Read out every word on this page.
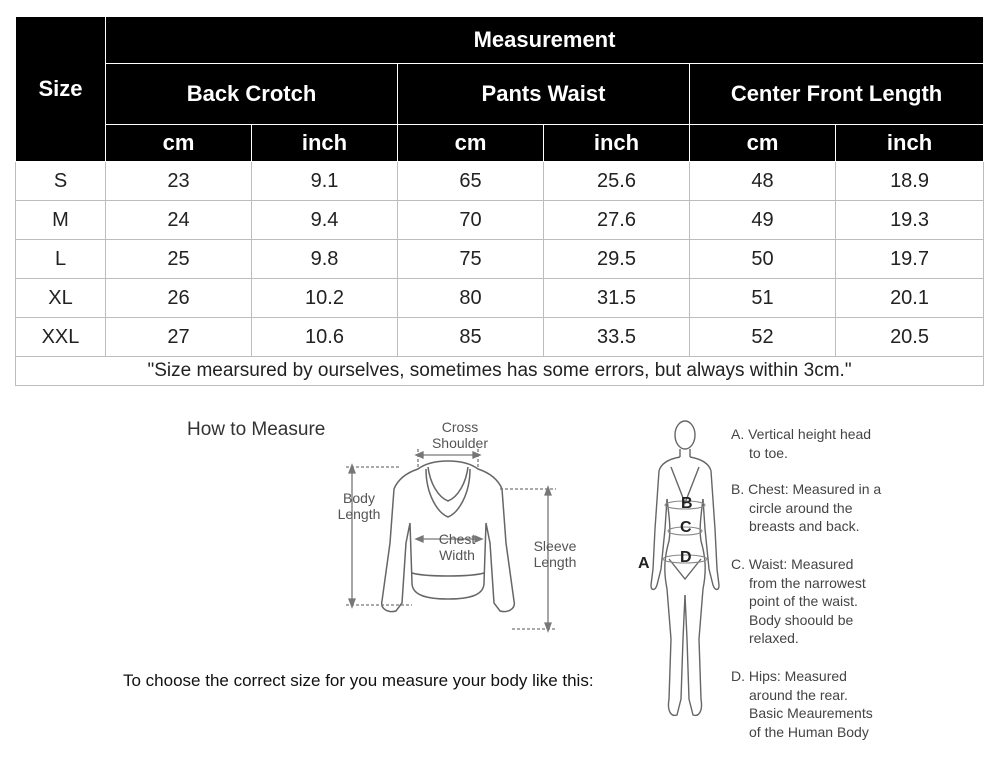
Size	Measurement					
	Back Crotch		Pants Waist		Center Front Length	
	cm	inch	cm	inch	cm	inch
S	23	9.1	65	25.6	48	18.9
M	24	9.4	70	27.6	49	19.3
L	25	9.8	75	29.5	50	19.7
XL	26	10.2	80	31.5	51	20.1
XXL	27	10.6	85	33.5	52	20.5
"Size mearsured by ourselves, sometimes has some errors, but always within 3cm."						
How to Measure	Cross
Shoulder
Body
Length
Chest
Width
Sleeve
Length
To choose the correct size for you measure your body like this:
A
B
C
D
A. Vertical height head
to toe.
B. Chest: Measured in a
circle around the
breasts and back.
C. Waist: Measured
from the narrowest
point of the waist.
Body shoould be
relaxed.
D. Hips: Measured
around the rear.
Basic Meaurements
of the Human Body
